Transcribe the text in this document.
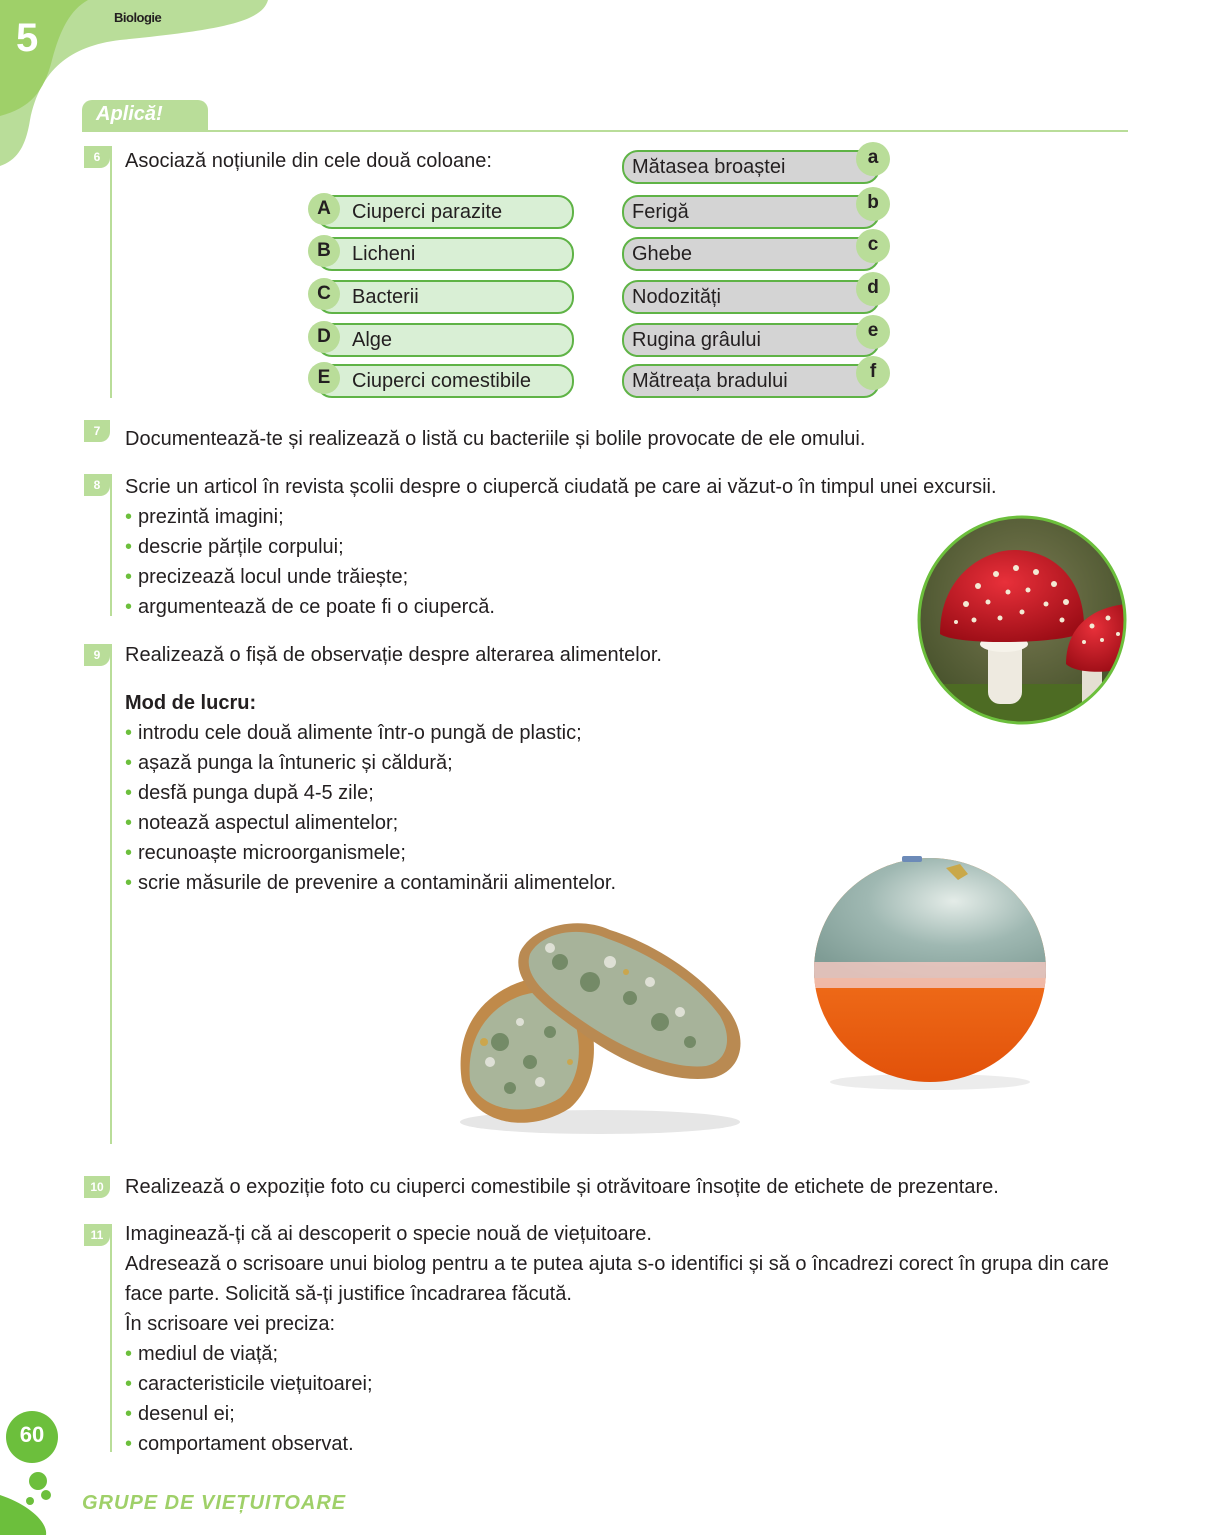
5	Biologie
Aplică!
6	Asociază noțiunile din cele două coloane:
A	Ciuperci parazite
B	Licheni
C	Bacterii
D	Alge
E	Ciuperci comestibile
Mătasea broaștei	a
Ferigă	b
Ghebe	c
Nodozități	d
Rugina grâului	e
Mătreața bradului	f
7	Documentează-te și realizează o listă cu bacteriile și bolile provocate de ele omului.
8	Scrie un articol în revista școlii despre o ciupercă ciudată pe care ai văzut-o în timpul unei excursii.
• prezintă imagini;
• descrie părțile corpului;
• precizează locul unde trăiește;
• argumentează de ce poate fi o ciupercă.
9	Realizează o fișă de observație despre alterarea alimentelor.
Mod de lucru:
• introdu cele două alimente într-o pungă de plastic;
• așază punga la întuneric și căldură;
• desfă punga după 4-5 zile;
• notează aspectul alimentelor;
• recunoaște microorganismele;
• scrie măsurile de prevenire a contaminării alimentelor.
10	Realizează o expoziție foto cu ciuperci comestibile și otrăvitoare însoțite de etichete de prezentare.
11	Imaginează-ți că ai descoperit o specie nouă de viețuitoare.
Adresează o scrisoare unui biolog pentru a te putea ajuta s-o identifici și să o încadrezi corect în grupa din care
face parte. Solicită să-ți justifice încadrarea făcută.
În scrisoare vei preciza:
• mediul de viață;
• caracteristicile viețuitoarei;
• desenul ei;
• comportament observat.
60
GRUPE DE VIEȚUITOARE
